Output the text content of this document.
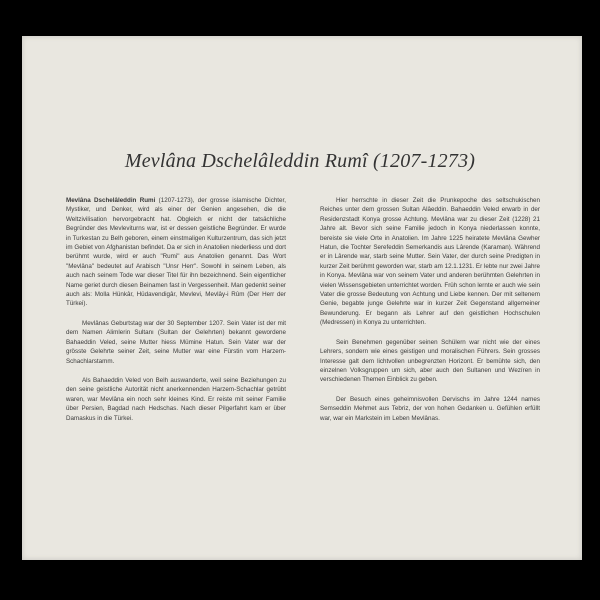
Mevlâna Dschelâleddin Rumî (1207-1273)

Mevlâna Dschelâleddin Rumi (1207-1273), der grosse islamische Dichter, Mystiker, und Denker, wird als einer der Genien angesehen, die die Weltzivilisation hervorgebracht hat. Obgleich er nicht der tatsächliche Begründer des Mevleviturns war, ist er dessen geistliche Begründer. Er wurde in Turkestan zu Belh geboren, einem einstmaligen Kulturzentrum, das sich jetzt im Gebiet von Afghanistan befindet. Da er sich in Anatolien niederliess und dort berühmt wurde, wird er auch "Rumi" aus Anatolien genannt. Das Wort "Mevlâna" bedeutet auf Arabisch "Unsr Herr". Sowohl in seinem Leben, als auch nach seinem Tode war dieser Titel für ihn bezeichnend. Sein eigentlicher Name geriet durch diesen Beinamen fast in Vergessenheit. Man gedenkt seiner auch als: Molla Hünkâr, Hüdavendigâr, Mevlevi, Mevlây-i Rûm (Der Herr der Türkei).

Mevlânas Geburtstag war der 30 September 1207. Sein Vater ist der mit dem Namen Alimlerin Sultanı (Sultan der Gelehrten) bekannt gewordene Bahaeddin Veled, seine Mutter hiess Mümine Hatun. Sein Vater war der grösste Gelehrte seiner Zeit, seine Mutter war eine Fürstin vom Harzem-Schachlarstamm.

Als Bahaeddin Veled von Belh auswanderte, weil seine Beziehungen zu den seine geistliche Autorität nicht anerkennenden Harzem-Schachlar getrübt waren, war Mevlâna ein noch sehr kleines Kind. Er reiste mit seiner Familie über Persien, Bagdad nach Hedschas. Nach dieser Pilgerfahrt kam er über Damaskus in die Türkei.

Hier herrschte in dieser Zeit die Prunkepoche des seltschukischen Reiches unter dem grossen Sultan Alâeddin. Bahaeddin Veled erwarb in der Residenzstadt Konya grosse Achtung. Mevlâna war zu dieser Zeit (1228) 21 Jahre alt. Bevor sich seine Familie jedoch in Konya niederlassen konnte, bereiste sie viele Orte in Anatolien. Im Jahre 1225 heiratete Mevlâna Gewher Hatun, die Tochter Serefeddin Semerkandis aus Lârende (Karaman). Während er in Lârende war, starb seine Mutter. Sein Vater, der durch seine Predigten in kurzer Zeit berühmt geworden war, starb am 12.1.1231. Er lebte nur zwei Jahre in Konya. Mevlâna war von seinem Vater und anderen berühmten Gelehrten in vielen Wissensgebieten unterrichtet worden. Früh schon lernte er auch wie sein Vater die grosse Bedeutung von Achtung und Liebe kennen. Der mit seltenem Genie, begabte junge Gelehrte war in kurzer Zeit Gegenstand allgemeiner Bewunderung. Er begann als Lehrer auf den geistlichen Hochschulen (Medressen) in Konya zu unterrichten.

Sein Benehmen gegenüber seinen Schülern war nicht wie der eines Lehrers, sondern wie eines geistigen und moralischen Führers. Sein grosses Interesse galt dem lichtvollen unbegrenzten Horizont. Er bemühte sich, den einzelnen Volksgruppen um sich, aber auch den Sultanen und Wezíren in verschiedenen Themen Einblick zu geben.

Der Besuch eines geheimnisvollen Dervischs im Jahre 1244 names Semseddin Mehmet aus Tebriz, der von hohen Gedanken u. Gefühlen erfüllt war, war ein Markstein im Leben Mevlânas.
